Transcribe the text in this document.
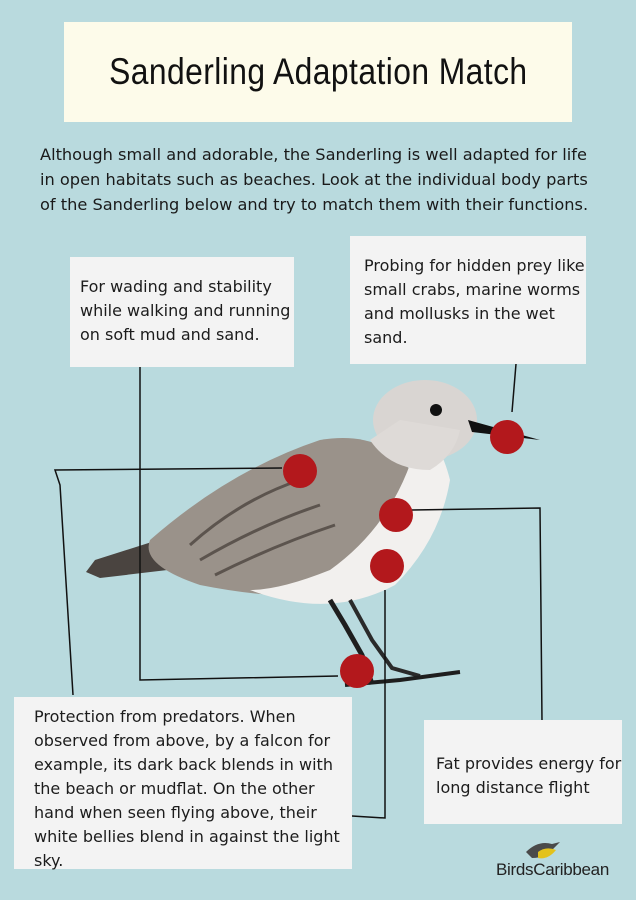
Sanderling Adaptation Match
Although small and adorable, the Sanderling is well adapted for life in open habitats such as beaches. Look at the individual body parts of the Sanderling below and try to match them with their functions.
For wading and stability while walking and running on soft mud and sand.
Probing for hidden prey like small crabs, marine worms and mollusks in the wet sand.
Protection from predators. When observed from above, by a falcon for example, its dark back blends in with the beach or mudflat. On the other hand when seen flying above, their white bellies blend in against the light sky.
Fat provides energy for long distance flight
BirdsCaribbean
